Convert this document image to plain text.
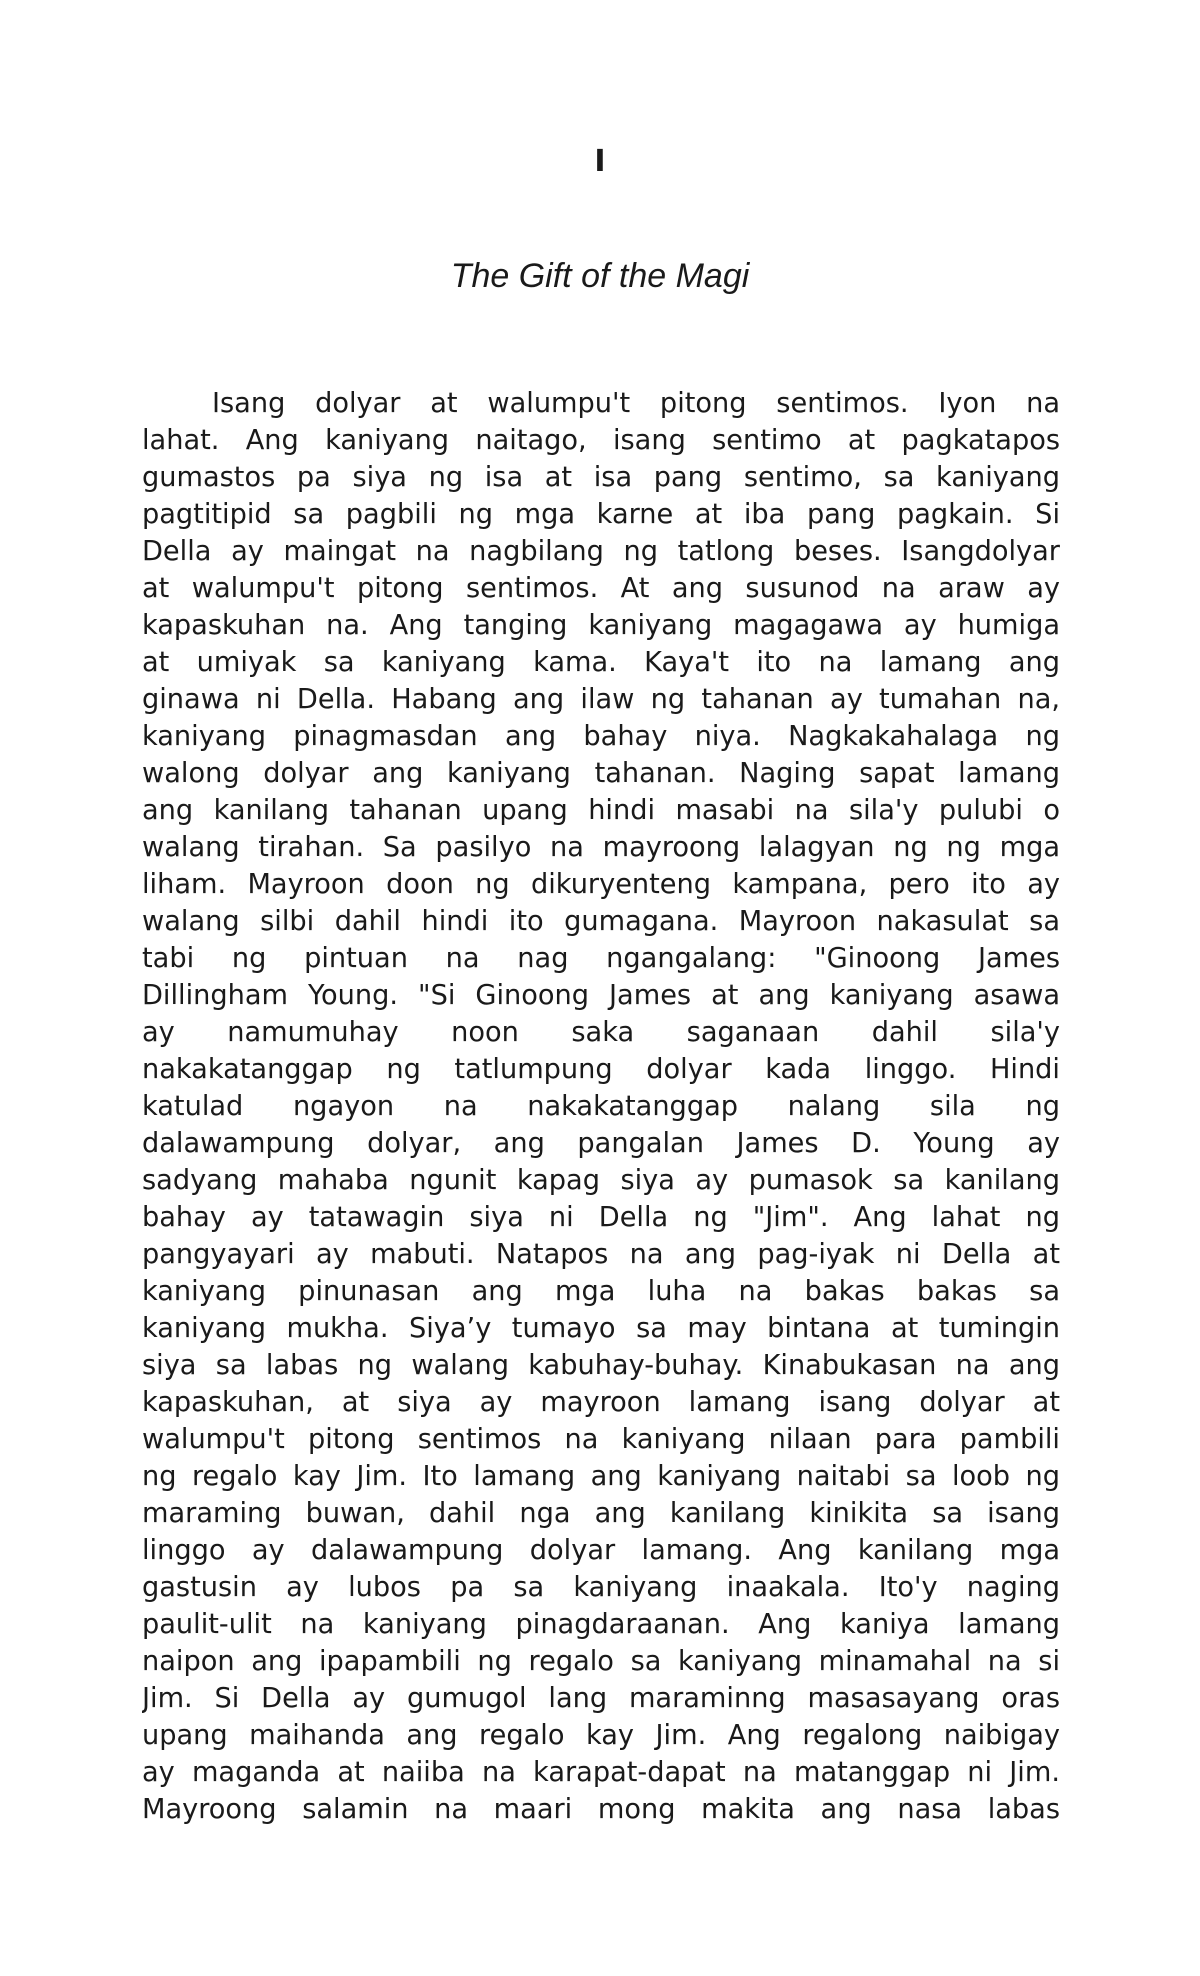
I
The Gift of the Magi
Isang dolyar at walumpu't pitong sentimos. Iyon na
lahat. Ang kaniyang naitago, isang sentimo at pagkatapos
gumastos pa siya ng isa at isa pang sentimo, sa kaniyang
pagtitipid sa pagbili ng mga karne at iba pang pagkain. Si
Della ay maingat na nagbilang ng tatlong beses. Isangdolyar
at walumpu't pitong sentimos. At ang susunod na araw ay
kapaskuhan na. Ang tanging kaniyang magagawa ay humiga
at umiyak sa kaniyang kama. Kaya't ito na lamang ang
ginawa ni Della. Habang ang ilaw ng tahanan ay tumahan na,
kaniyang pinagmasdan ang bahay niya. Nagkakahalaga ng
walong dolyar ang kaniyang tahanan. Naging sapat lamang
ang kanilang tahanan upang hindi masabi na sila'y pulubi o
walang tirahan. Sa pasilyo na mayroong lalagyan ng ng mga
liham. Mayroon doon ng dikuryenteng kampana, pero ito ay
walang silbi dahil hindi ito gumagana. Mayroon nakasulat sa
tabi ng pintuan na nag ngangalang: "Ginoong James
Dillingham Young. "Si Ginoong James at ang kaniyang asawa
ay namumuhay noon saka saganaan dahil sila'y
nakakatanggap ng tatlumpung dolyar kada linggo. Hindi
katulad ngayon na nakakatanggap nalang sila ng
dalawampung dolyar, ang pangalan James D. Young ay
sadyang mahaba ngunit kapag siya ay pumasok sa kanilang
bahay ay tatawagin siya ni Della ng "Jim". Ang lahat ng
pangyayari ay mabuti. Natapos na ang pag-iyak ni Della at
kaniyang pinunasan ang mga luha na bakas bakas sa
kaniyang mukha. Siya’y tumayo sa may bintana at tumingin
siya sa labas ng walang kabuhay-buhay. Kinabukasan na ang
kapaskuhan, at siya ay mayroon lamang isang dolyar at
walumpu't pitong sentimos na kaniyang nilaan para pambili
ng regalo kay Jim. Ito lamang ang kaniyang naitabi sa loob ng
maraming buwan, dahil nga ang kanilang kinikita sa isang
linggo ay dalawampung dolyar lamang. Ang kanilang mga
gastusin ay lubos pa sa kaniyang inaakala. Ito'y naging
paulit-ulit na kaniyang pinagdaraanan. Ang kaniya lamang
naipon ang ipapambili ng regalo sa kaniyang minamahal na si
Jim. Si Della ay gumugol lang maraminng masasayang oras
upang maihanda ang regalo kay Jim. Ang regalong naibigay
ay maganda at naiiba na karapat-dapat na matanggap ni Jim.
Mayroong salamin na maari mong makita ang nasa labas
